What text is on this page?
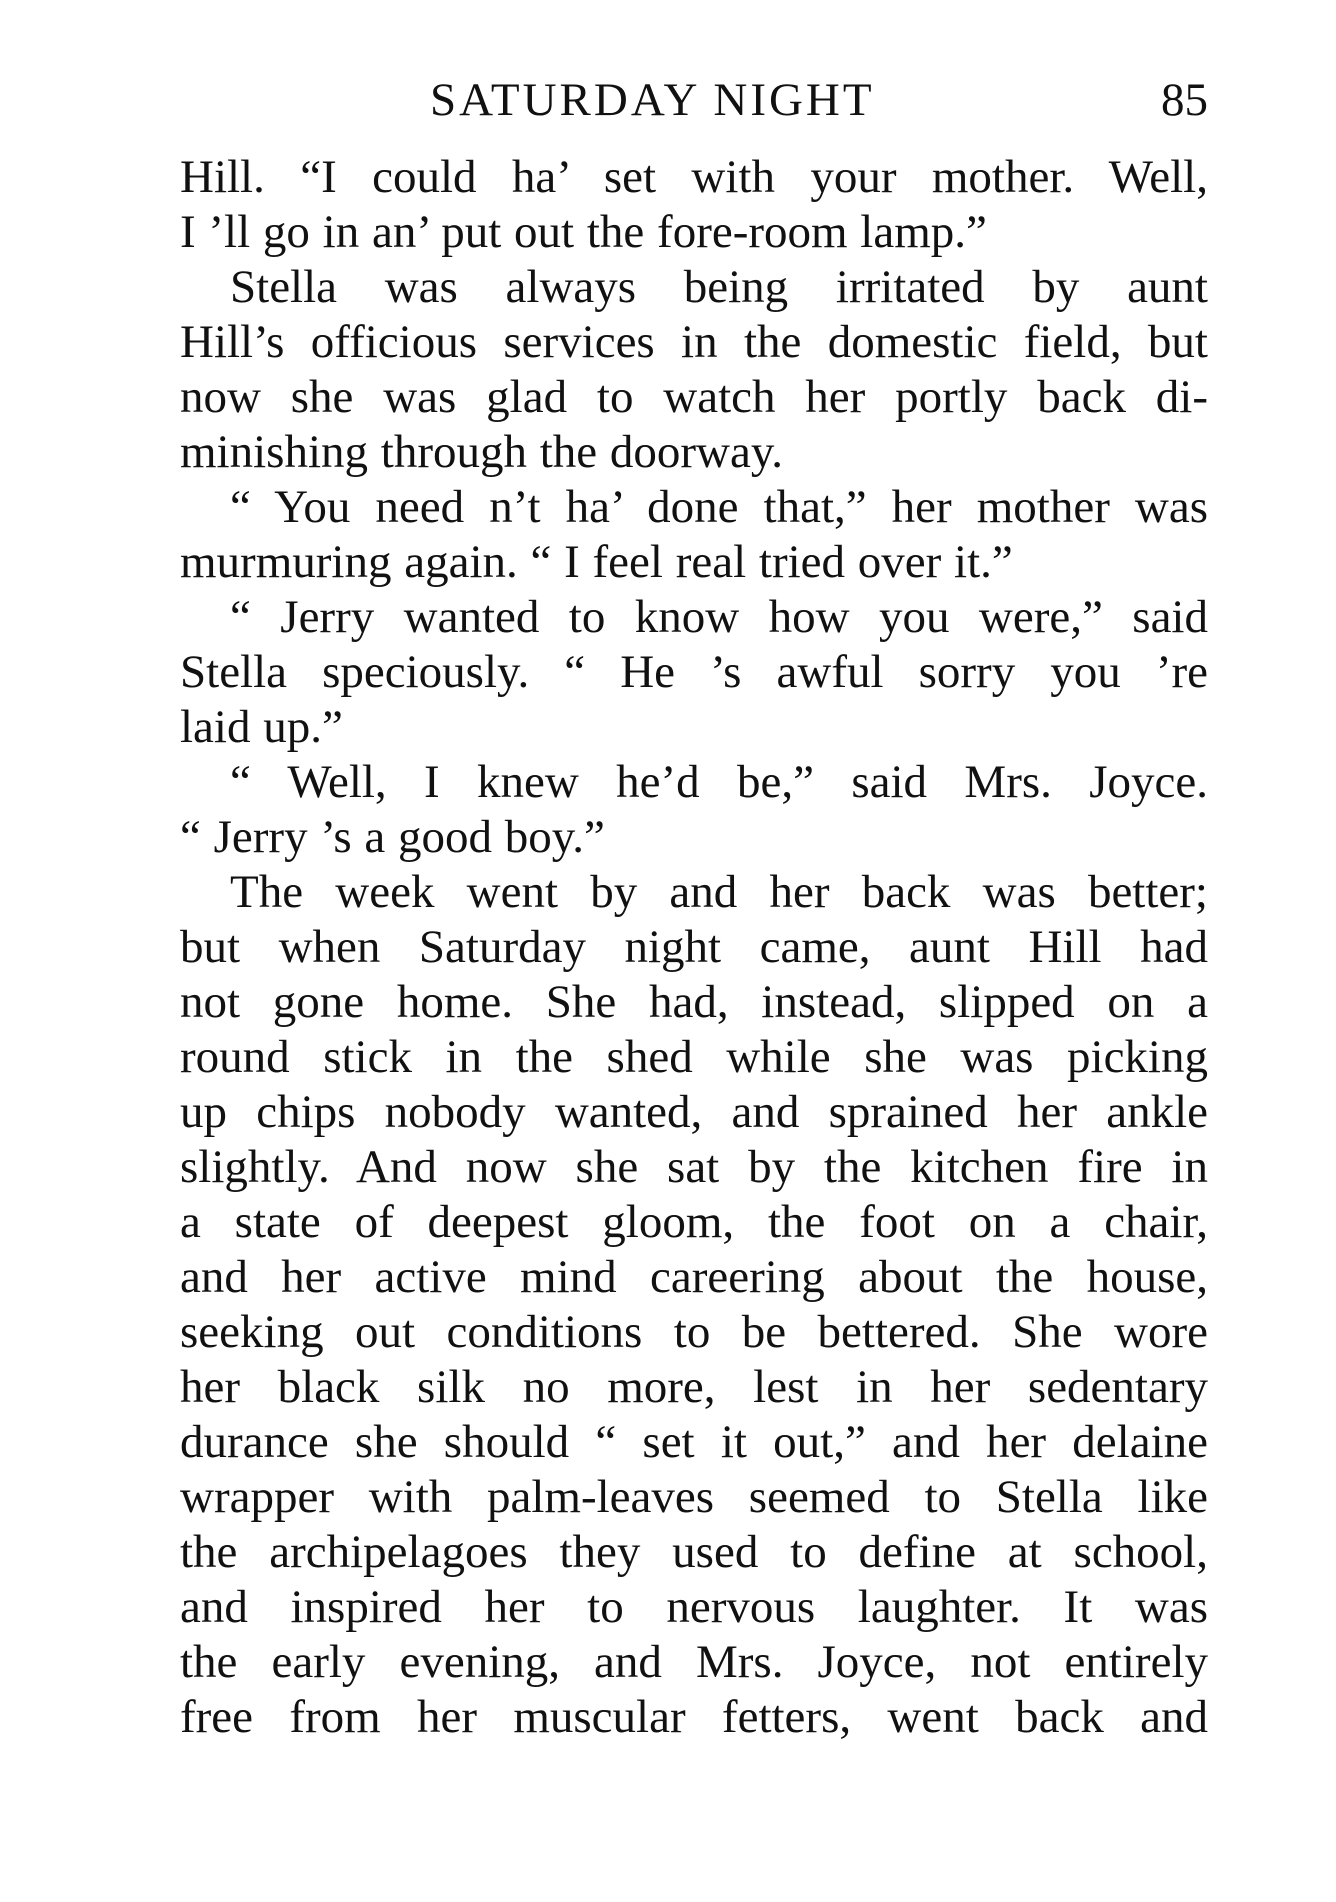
SATURDAY NIGHT	85
Hill. “I could ha’ set with your mother. Well,
I ’ll go in an’ put out the fore-room lamp.”
Stella was always being irritated by aunt
Hill’s officious services in the domestic field, but
now she was glad to watch her portly back di-
minishing through the doorway.
“ You need n’t ha’ done that,” her mother was
murmuring again. “ I feel real tried over it.”
“ Jerry wanted to know how you were,” said
Stella speciously. “ He ’s awful sorry you ’re
laid up.”
“ Well, I knew he’d be,” said Mrs. Joyce.
“ Jerry ’s a good boy.”
The week went by and her back was better;
but when Saturday night came, aunt Hill had
not gone home. She had, instead, slipped on a
round stick in the shed while she was picking
up chips nobody wanted, and sprained her ankle
slightly. And now she sat by the kitchen fire in
a state of deepest gloom, the foot on a chair,
and her active mind careering about the house,
seeking out conditions to be bettered. She wore
her black silk no more, lest in her sedentary
durance she should “ set it out,” and her delaine
wrapper with palm-leaves seemed to Stella like
the archipelagoes they used to define at school,
and inspired her to nervous laughter. It was
the early evening, and Mrs. Joyce, not entirely
free from her muscular fetters, went back and
